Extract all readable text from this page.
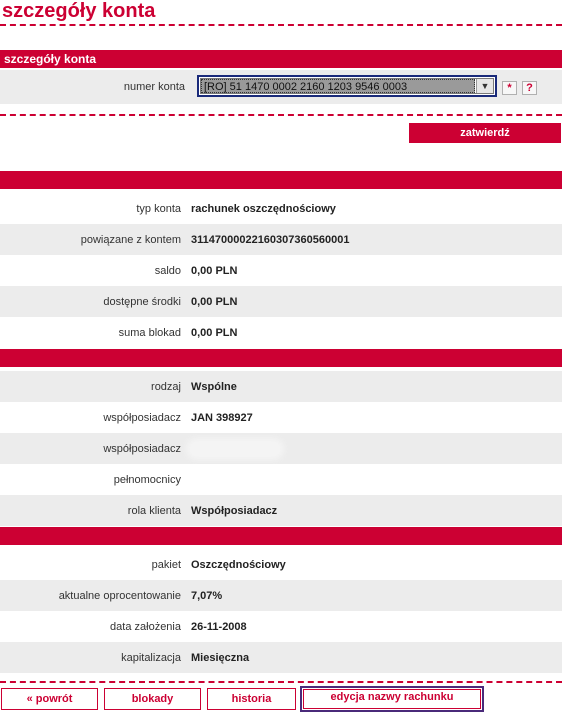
szczegóły konta
szczegóły konta
numer konta [RO] 51 1470 0002 2160 1203 9546 0003	▼	*	?
zatwierdź
typ konta rachunek oszczędnościowy
powiązane z kontem 31147000022160307360560001
saldo 0,00 PLN
dostępne środki 0,00 PLN
suma blokad 0,00 PLN
rodzaj Wspólne
współposiadacz JAN 398927
współposiadacz
pełnomocnicy
rola klienta Współposiadacz
pakiet Oszczędnościowy
aktualne oprocentowanie 7,07%
data założenia 26-11-2008
kapitalizacja Miesięczna
« powrót	blokady	historia	edycja nazwy rachunku
